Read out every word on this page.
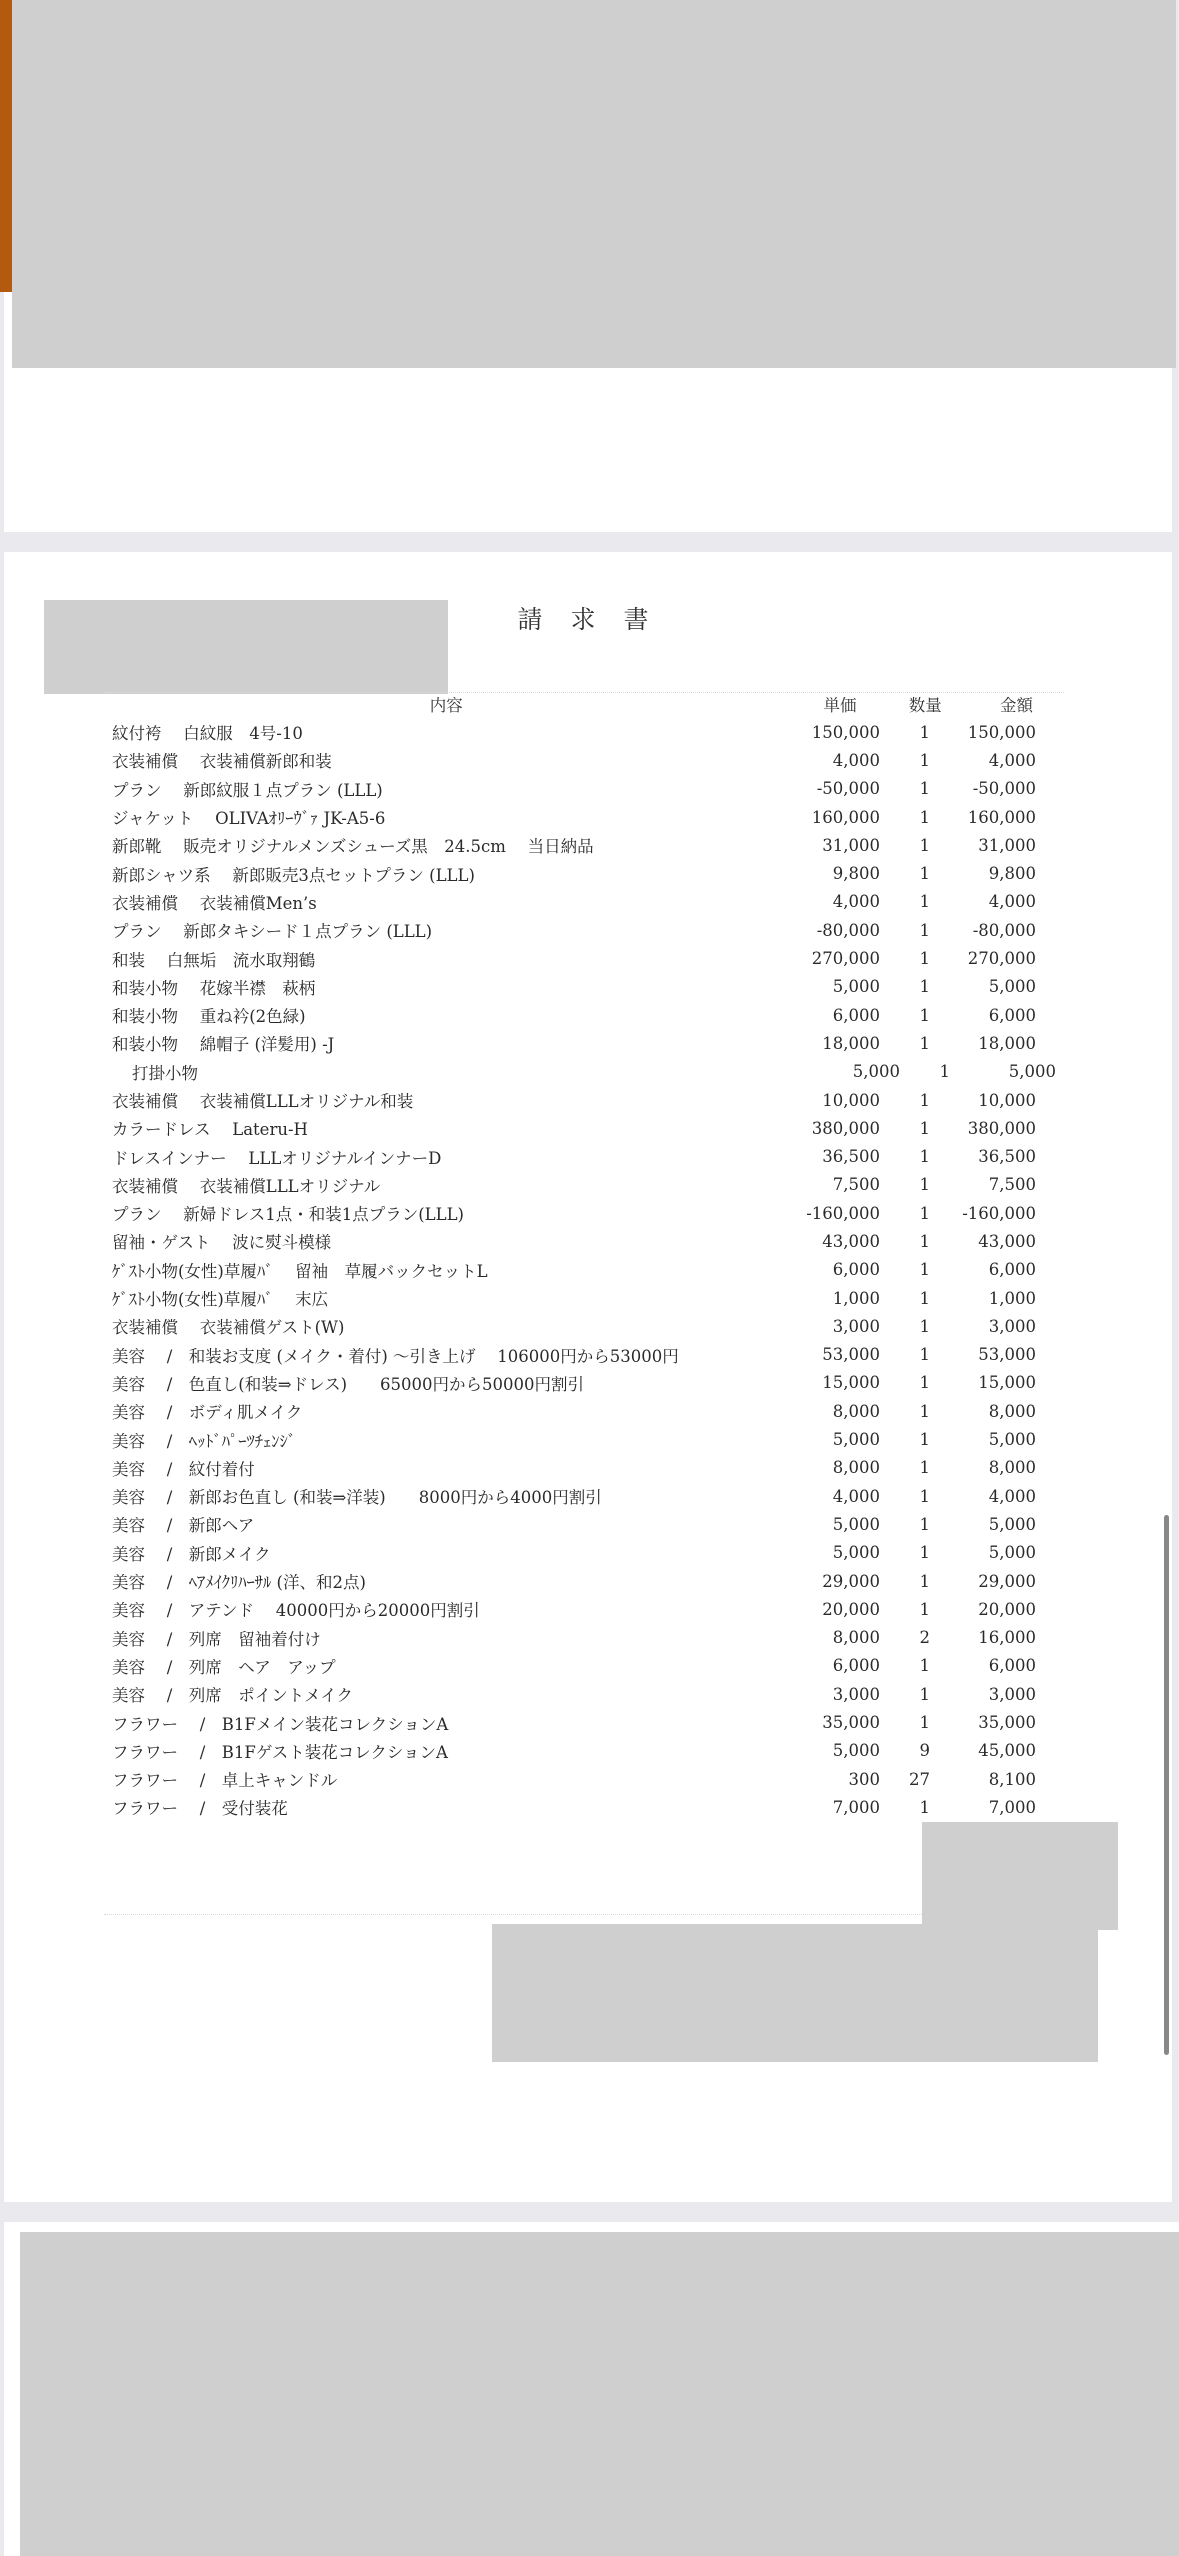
請 求 書
内容	単価	数量	金額
紋付袴　 白紋服　4号-10	150,000	1	150,000
衣装補償　 衣装補償新郎和装	4,000	1	4,000
プラン　 新郎紋服１点プラン (LLL)	-50,000	1	-50,000
ジャケット　 OLIVAｵﾘｰｳﾞｧ JK-A5-6	160,000	1	160,000
新郎靴　 販売オリジナルメンズシューズ黒　24.5cm　 当日納品	31,000	1	31,000
新郎シャツ系　 新郎販売3点セットプラン (LLL)	9,800	1	9,800
衣装補償　 衣装補償Men’s	4,000	1	4,000
プラン　 新郎タキシード１点プラン (LLL)	-80,000	1	-80,000
和装　 白無垢　流水取翔鶴	270,000	1	270,000
和装小物　 花嫁半襟　萩柄	5,000	1	5,000
和装小物　 重ね衿(2色緑)	6,000	1	6,000
和装小物　 綿帽子 (洋髪用) -J	18,000	1	18,000
打掛小物	5,000	1	5,000
衣装補償　 衣装補償LLLオリジナル和装	10,000	1	10,000
カラードレス　 Lateru-H	380,000	1	380,000
ドレスインナー　 LLLオリジナルインナーD	36,500	1	36,500
衣装補償　 衣装補償LLLオリジナル	7,500	1	7,500
プラン　 新婦ドレス1点・和装1点プラン(LLL)	-160,000	1	-160,000
留袖・ゲスト　 波に熨斗模様	43,000	1	43,000
ｹﾞｽﾄ小物(女性)草履ﾊﾞ　 留袖　草履バックセットL	6,000	1	6,000
ｹﾞｽﾄ小物(女性)草履ﾊﾞ　 末広	1,000	1	1,000
衣装補償　 衣装補償ゲスト(W)	3,000	1	3,000
美容　 /　和装お支度 (メイク・着付) 〜引き上げ　 106000円から53000円	53,000	1	53,000
美容　 /　色直し(和装⇒ドレス)　　65000円から50000円割引	15,000	1	15,000
美容　 /　ボディ肌メイク	8,000	1	8,000
美容　 /　ﾍｯﾄﾞﾊﾟｰﾂﾁｪﾝｼﾞ	5,000	1	5,000
美容　 /　紋付着付	8,000	1	8,000
美容　 /　新郎お色直し (和装⇒洋装)　　8000円から4000円割引	4,000	1	4,000
美容　 /　新郎ヘア	5,000	1	5,000
美容　 /　新郎メイク	5,000	1	5,000
美容　 /　ﾍｱﾒｲｸﾘﾊｰｻﾙ (洋、和2点)	29,000	1	29,000
美容　 /　アテンド　 40000円から20000円割引	20,000	1	20,000
美容　 /　列席　留袖着付け	8,000	2	16,000
美容　 /　列席　ヘア　アップ	6,000	1	6,000
美容　 /　列席　ポイントメイク	3,000	1	3,000
フラワー　 /　B1Fメイン装花コレクションA	35,000	1	35,000
フラワー　 /　B1Fゲスト装花コレクションA	5,000	9	45,000
フラワー　 /　卓上キャンドル	300	27	8,100
フラワー　 /　受付装花	7,000	1	7,000
